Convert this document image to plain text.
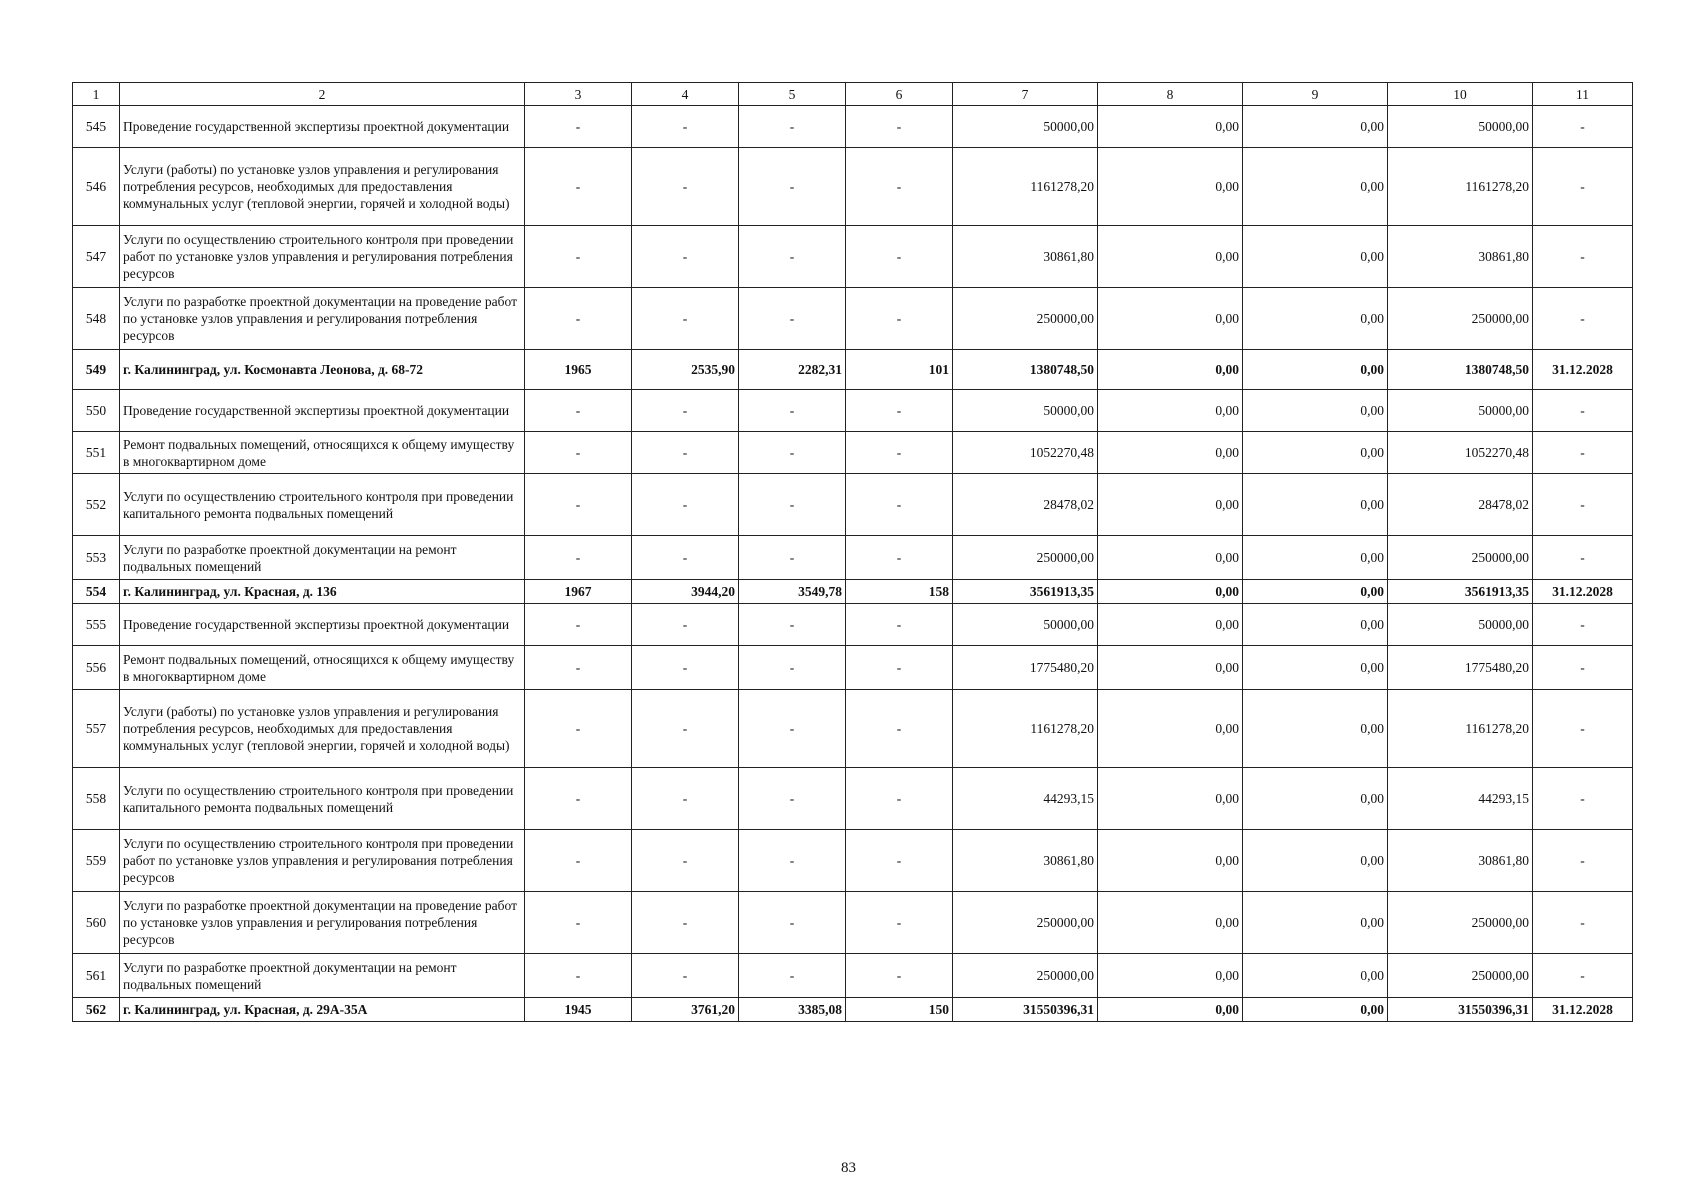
1	2	3	4	5	6	7	8	9	10	11
545	Проведение государственной экспертизы проектной документации	-	-	-	-	50000,00	0,00	0,00	50000,00	-
546	Услуги (работы) по установке узлов управления и регулирования потребления ресурсов, необходимых для предоставления коммунальных услуг (тепловой энергии, горячей и холодной воды)	-	-	-	-	1161278,20	0,00	0,00	1161278,20	-
547	Услуги по осуществлению строительного контроля при проведении работ по установке узлов управления и регулирования потребления ресурсов	-	-	-	-	30861,80	0,00	0,00	30861,80	-
548	Услуги по разработке проектной документации на проведение работ по установке узлов управления и регулирования потребления ресурсов	-	-	-	-	250000,00	0,00	0,00	250000,00	-
549	г. Калининград, ул. Космонавта Леонова, д. 68-72	1965	2535,90	2282,31	101	1380748,50	0,00	0,00	1380748,50	31.12.2028
550	Проведение государственной экспертизы проектной документации	-	-	-	-	50000,00	0,00	0,00	50000,00	-
551	Ремонт подвальных помещений, относящихся к общему имуществу в многоквартирном доме	-	-	-	-	1052270,48	0,00	0,00	1052270,48	-
552	Услуги по осуществлению строительного контроля при проведении капитального ремонта подвальных помещений	-	-	-	-	28478,02	0,00	0,00	28478,02	-
553	Услуги по разработке проектной документации на ремонт подвальных помещений	-	-	-	-	250000,00	0,00	0,00	250000,00	-
554	г. Калининград, ул. Красная, д. 136	1967	3944,20	3549,78	158	3561913,35	0,00	0,00	3561913,35	31.12.2028
555	Проведение государственной экспертизы проектной документации	-	-	-	-	50000,00	0,00	0,00	50000,00	-
556	Ремонт подвальных помещений, относящихся к общему имуществу в многоквартирном доме	-	-	-	-	1775480,20	0,00	0,00	1775480,20	-
557	Услуги (работы) по установке узлов управления и регулирования потребления ресурсов, необходимых для предоставления коммунальных услуг (тепловой энергии, горячей и холодной воды)	-	-	-	-	1161278,20	0,00	0,00	1161278,20	-
558	Услуги по осуществлению строительного контроля при проведении капитального ремонта подвальных помещений	-	-	-	-	44293,15	0,00	0,00	44293,15	-
559	Услуги по осуществлению строительного контроля при проведении работ по установке узлов управления и регулирования потребления ресурсов	-	-	-	-	30861,80	0,00	0,00	30861,80	-
560	Услуги по разработке проектной документации на проведение работ по установке узлов управления и регулирования потребления ресурсов	-	-	-	-	250000,00	0,00	0,00	250000,00	-
561	Услуги по разработке проектной документации на ремонт подвальных помещений	-	-	-	-	250000,00	0,00	0,00	250000,00	-
562	г. Калининград, ул. Красная, д. 29А-35А	1945	3761,20	3385,08	150	31550396,31	0,00	0,00	31550396,31	31.12.2028
83
